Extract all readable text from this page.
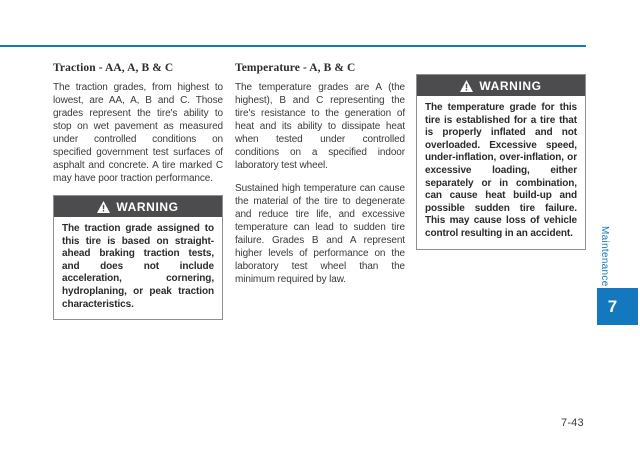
Traction - AA, A, B & C

The traction grades, from highest to lowest, are AA, A, B and C. Those grades represent the tire's ability to stop on wet pavement as measured under controlled conditions on specified government test surfaces of asphalt and concrete. A tire marked C may have poor traction performance.

WARNING
The traction grade assigned to this tire is based on straight-ahead braking traction tests, and does not include acceleration, cornering, hydroplaning, or peak traction characteristics.
Temperature - A, B & C

The temperature grades are A (the highest), B and C representing the tire's resistance to the generation of heat and its ability to dissipate heat when tested under controlled conditions on a specified indoor laboratory test wheel.

Sustained high temperature can cause the material of the tire to degenerate and reduce tire life, and excessive temperature can lead to sudden tire failure. Grades B and A represent higher levels of performance on the laboratory test wheel than the minimum required by law.

WARNING
The temperature grade for this tire is established for a tire that is properly inflated and not overloaded. Excessive speed, under-inflation, over-inflation, or excessive loading, either separately or in combination, can cause heat build-up and possible sudden tire failure. This may cause loss of vehicle control resulting in an accident.	Maintenance
7
7-43
